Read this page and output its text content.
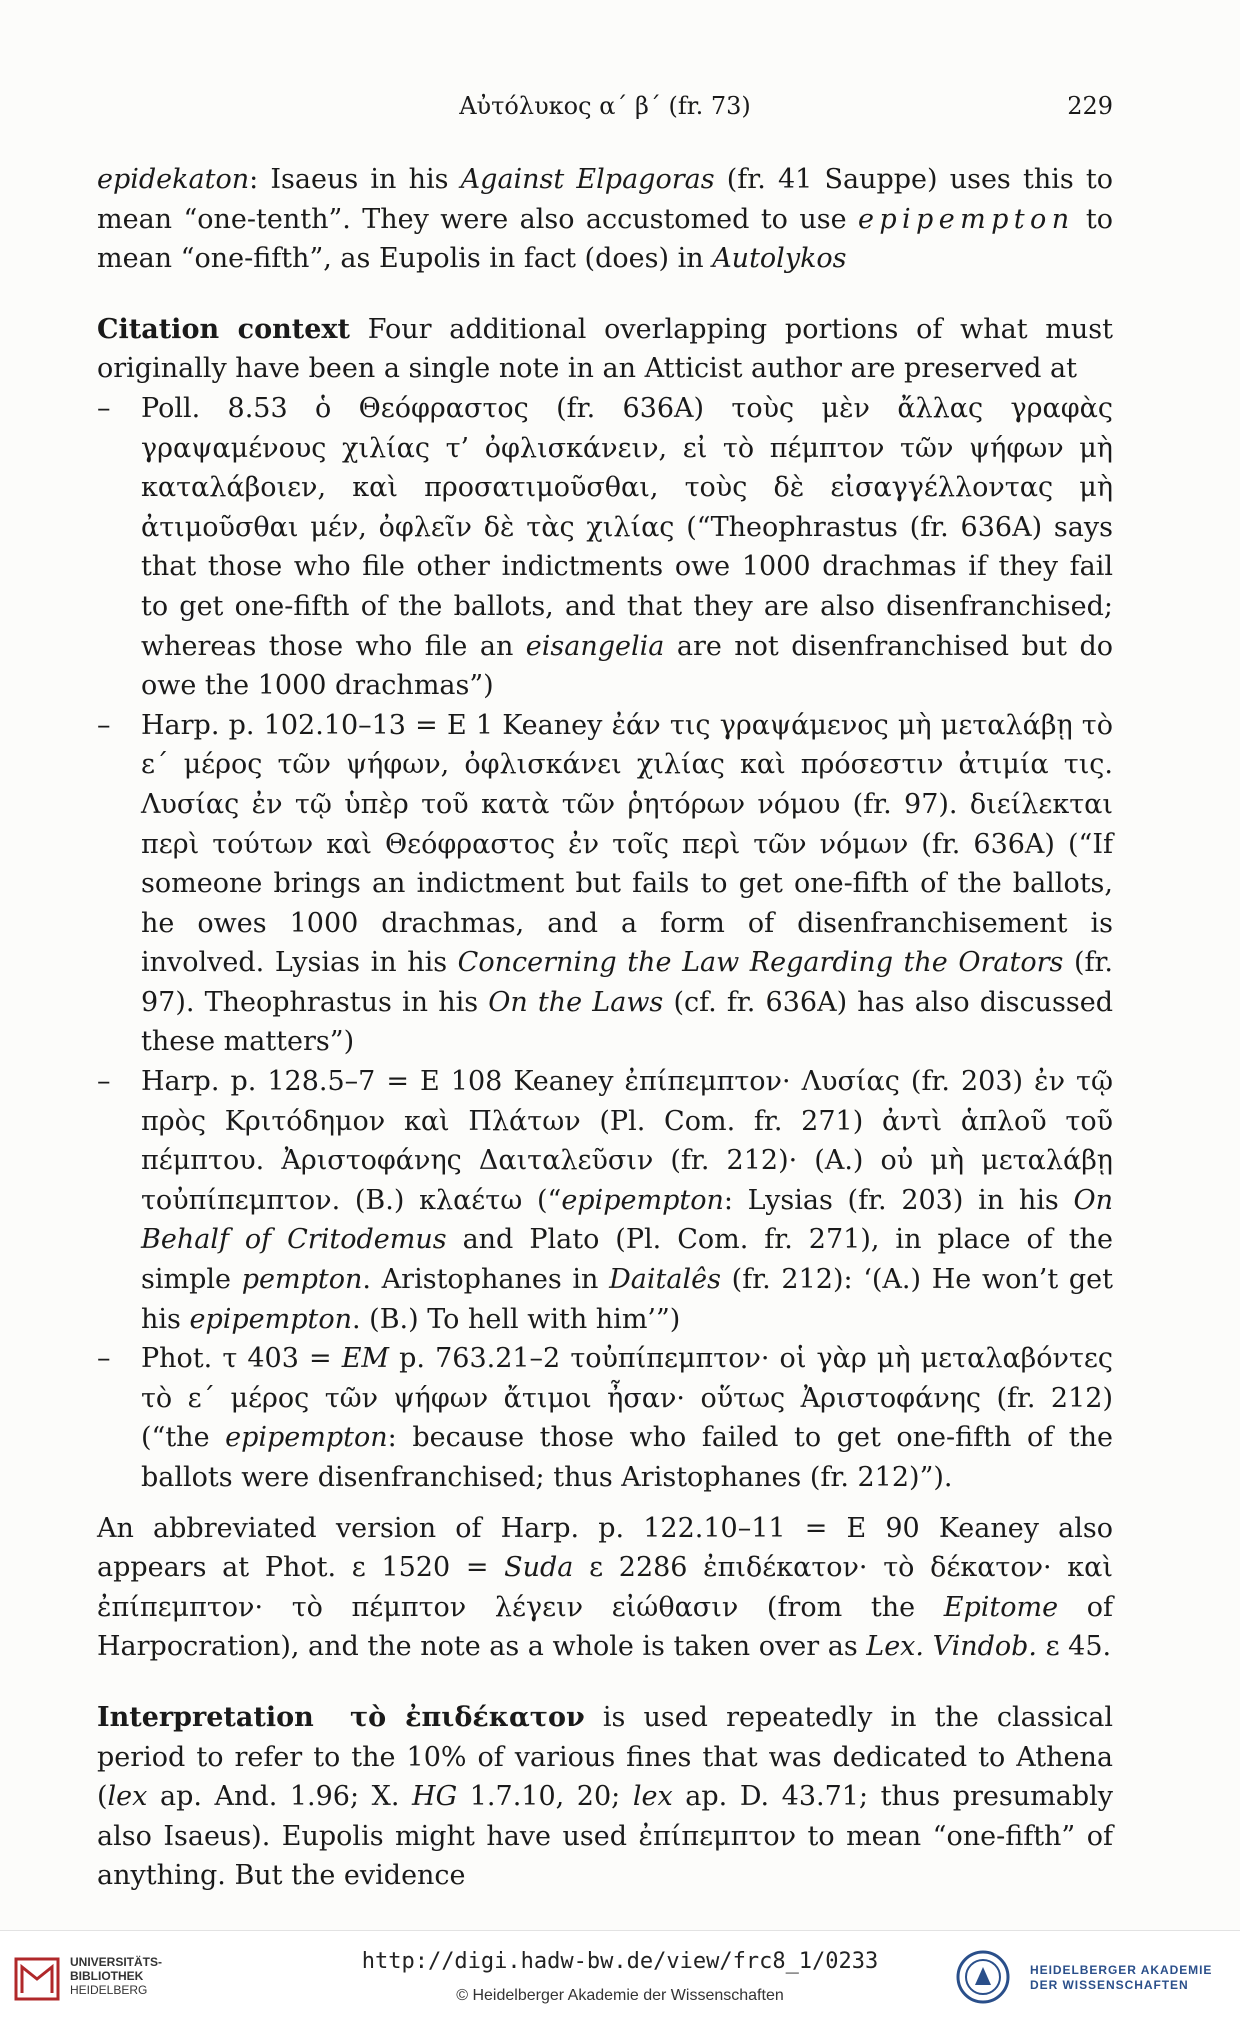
Αὐτόλυκος α΄ β΄ (fr. 73)	229

epidekaton: Isaeus in his Against Elpagoras (fr. 41 Sauppe) uses this to mean “one-tenth”. They were also accustomed to use epipempton to mean “one-fifth”, as Eupolis in fact (does) in Autolykos

Citation context Four additional overlapping portions of what must originally have been a single note in an Atticist author are preserved at

– Poll. 8.53 ὁ Θεόφραστος (fr. 636A) τοὺς μὲν ἄλλας γραφὰς γραψαμένους χιλίας τ’ ὀφλισκάνειν, εἰ τὸ πέμπτον τῶν ψήφων μὴ καταλάβοιεν, καὶ προσατιμοῦσθαι, τοὺς δὲ εἰσαγγέλλοντας μὴ ἀτιμοῦσθαι μέν, ὀφλεῖν δὲ τὰς χιλίας (“Theophrastus (fr. 636A) says that those who file other indictments owe 1000 drachmas if they fail to get one-fifth of the ballots, and that they are also disenfranchised; whereas those who file an eisangelia are not disenfranchised but do owe the 1000 drachmas”)
– Harp. p. 102.10–13 = E 1 Keaney ἐάν τις γραψάμενος μὴ μεταλάβῃ τὸ ε΄ μέρος τῶν ψήφων, ὀφλισκάνει χιλίας καὶ πρόσεστιν ἀτιμία τις. Λυσίας ἐν τῷ ὑπὲρ τοῦ κατὰ τῶν ῥητόρων νόμου (fr. 97). διείλεκται περὶ τούτων καὶ Θεόφραστος ἐν τοῖς περὶ τῶν νόμων (fr. 636A) (“If someone brings an indictment but fails to get one-fifth of the ballots, he owes 1000 drachmas, and a form of disenfranchisement is involved. Lysias in his Concerning the Law Regarding the Orators (fr. 97). Theophrastus in his On the Laws (cf. fr. 636A) has also discussed these matters”)
– Harp. p. 128.5–7 = E 108 Keaney ἐπίπεμπτον· Λυσίας (fr. 203) ἐν τῷ πρὸς Κριτόδημον καὶ Πλάτων (Pl. Com. fr. 271) ἀντὶ ἁπλοῦ τοῦ πέμπτου. Ἀριστοφάνης Δαιταλεῦσιν (fr. 212)· (A.) οὐ μὴ μεταλάβῃ τοὐπίπεμπτον. (B.) κλαέτω (“epipempton: Lysias (fr. 203) in his On Behalf of Critodemus and Plato (Pl. Com. fr. 271), in place of the simple pempton. Aristophanes in Daitalês (fr. 212): ‘(A.) He won’t get his epipempton. (B.) To hell with him’”)
– Phot. τ 403 = EM p. 763.21–2 τοὐπίπεμπτον· οἱ γὰρ μὴ μεταλαβόντες τὸ ε΄ μέρος τῶν ψήφων ἄτιμοι ἦσαν· οὕτως Ἀριστοφάνης (fr. 212) (“the epipempton: because those who failed to get one-fifth of the ballots were disenfranchised; thus Aristophanes (fr. 212)”).

An abbreviated version of Harp. p. 122.10–11 = E 90 Keaney also appears at Phot. ε 1520 = Suda ε 2286 ἐπιδέκατον· τὸ δέκατον· καὶ ἐπίπεμπτον· τὸ πέμπτον λέγειν εἰώθασιν (from the Epitome of Harpocration), and the note as a whole is taken over as Lex. Vindob. ε 45.

Interpretation τὸ ἐπιδέκατον is used repeatedly in the classical period to refer to the 10% of various fines that was dedicated to Athena (lex ap. And. 1.96; X. HG 1.7.10, 20; lex ap. D. 43.71; thus presumably also Isaeus). Eupolis might have used ἐπίπεμπτον to mean “one-fifth” of anything. But the evidence

UNIVERSITÄTS-
BIBLIOTHEK
HEIDELBERG
http://digi.hadw-bw.de/view/frc8_1/0233
© Heidelberger Akademie der Wissenschaften
HEIDELBERGER AKADEMIE
DER WISSENSCHAFTEN
